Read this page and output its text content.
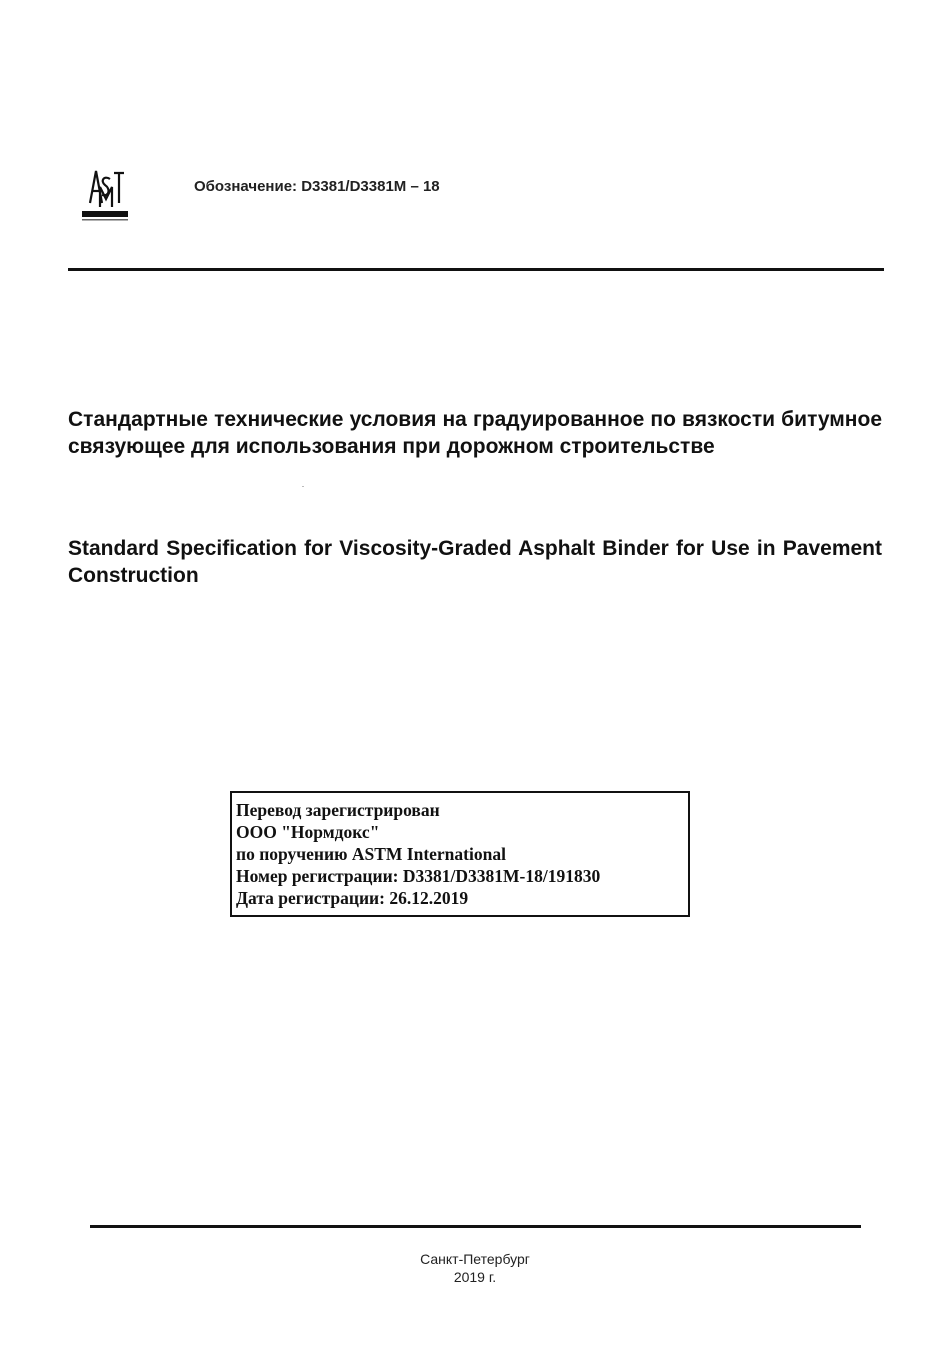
Обозначение: D3381/D3381M – 18

Стандартные технические условия на градуированное по вязкости битумное связующее для использования при дорожном строительстве

Standard Specification for Viscosity-Graded Asphalt Binder for Use in Pavement Construction

Перевод зарегистрирован

ООО "Нормдокс"

по поручению ASTM International

Номер регистрации: D3381/D3381M-18/191830

Дата регистрации: 26.12.2019

Санкт-Петербург

2019 г.
